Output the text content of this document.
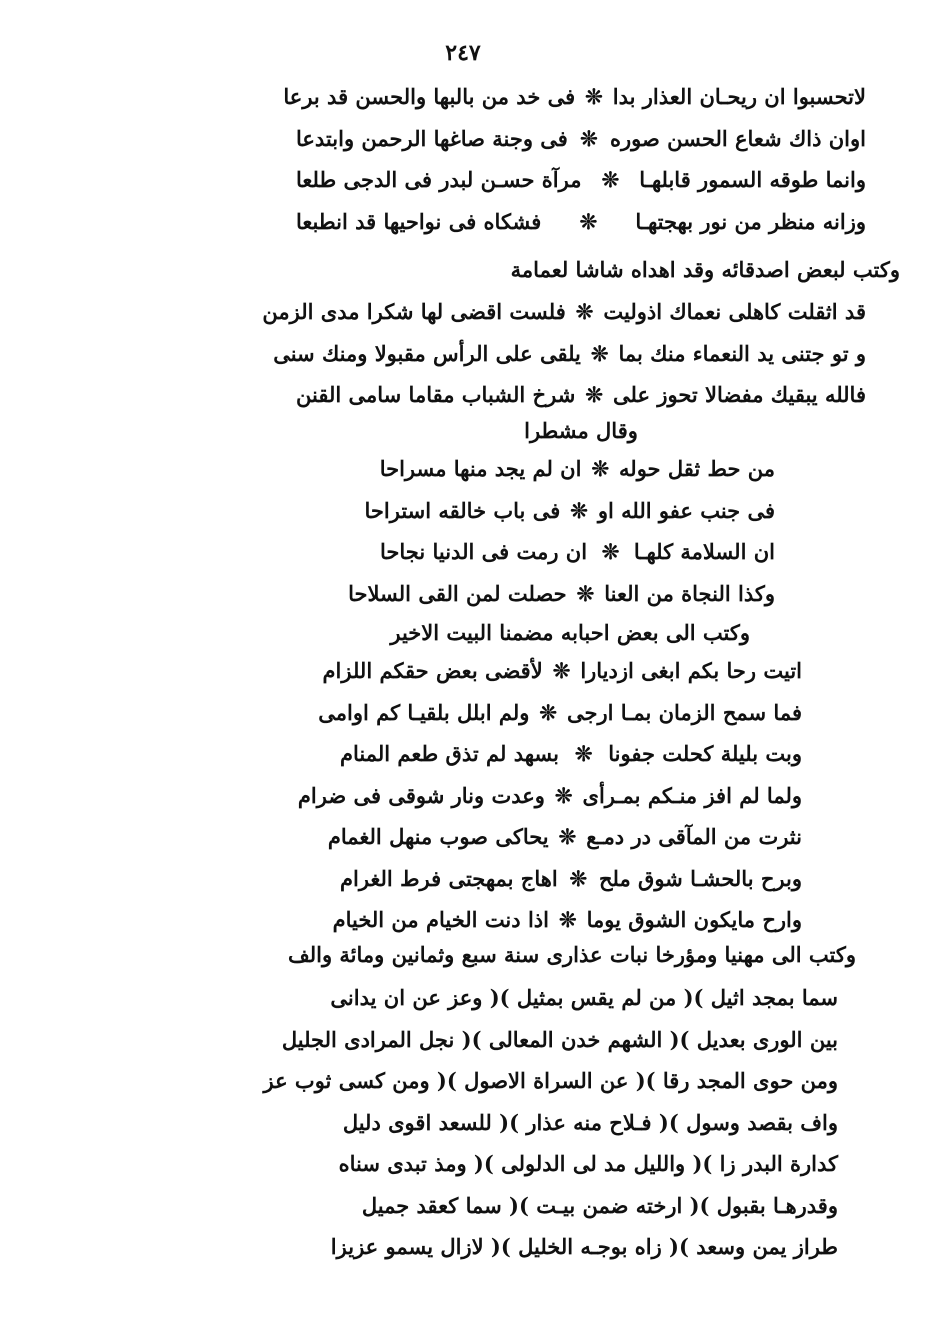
٢٤٧
لاتحسبوا ان ريحـان العذار بدا
❊
فى خد من بالبها والحسن قد برعا
اوان ذاك شعاع الحسن صوره
❊
فى وجنة صاغها الرحمن وابتدعا
وانما طوقه السمور قابلهـا
❊
مرآة حسـن لبدر فى الدجى طلعا
وزانه منظر من نور بهجتهـا
❊
فشكاه فى نواحيها قد انطبعا
وكتب لبعض اصدقائه وقد اهداه شاشا لعمامة
قد اثقلت كاهلى نعماك اذوليت
❊
فلست اقضى لها شكرا مدى الزمن
و تو جتنى يد النعماء منك بما
❊
يلقى على الرأس مقبولا ومنك سنى
فالله يبقيك مفضالا تحوز على
❊
شرخ الشباب مقاما سامى القنن
وقال مشطرا
من حط ثقل حوله
❊
ان لم يجد منها مسراحا
فى جنب عفو الله او
❊
فى باب خالقه استراحا
ان السلامة كلهـا
❊
ان رمت فى الدنيا نجاحا
وكذا النجاة من العنا
❊
حصلت لمن القى السلاحا
وكتب الى بعض احبابه مضمنا البيت الاخير
اتيت رحا بكم ابغى ازديارا
❊
لأقضى بعض حقكم اللزام
فما سمح الزمان بمـا ارجى
❊
ولم ابلل بلقيـا كم اوامى
وبت بليلة كحلت جفونا
❊
بسهد لم تذق طعم المنام
ولما لم افز منـكم بمـرأى
❊
وعدت ونار شوقى فى ضرام
نثرت من المآقى در دمـع
❊
يحاكى صوب منهل الغمام
وبرح بالحشـا شوق ملح
❊
اهاج بمهجتى فرط الغرام
وارح مايكون الشوق يوما
❊
اذا دنت الخيام من الخيام
وكتب الى مهنيا ومؤرخا نبات عذارى سنة سبع وثمانين ومائة والف
سما بمجد اثيل )( من لم يقس بمثيل )( وعز عن ان يدانى
بين الورى بعديل )( الشهم خدن المعالى )( نجل المرادى الجليل
ومن حوى المجد رقا )( عن السراة الاصول )( ومن كسى ثوب عز
واف بقصد وسول )( فـلاح منه عذار )( للسعد اقوى دليل
كدارة البدر زا )( والليل مد لى الدلولى )( ومذ تبدى سناه
وقدرهـا بقبول )( ارخته ضمن بيـت )( سما كعقد جميل
طراز يمن وسعد )( زاه بوجـه الخليل )( لازال يسمو عزيزا
